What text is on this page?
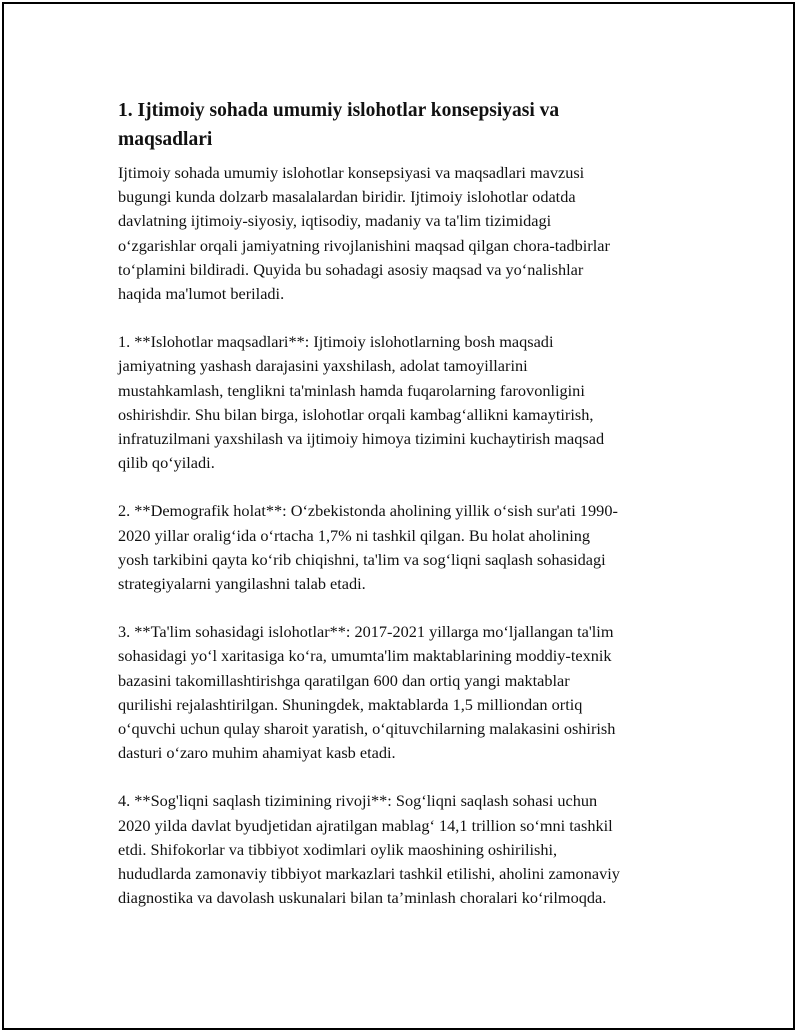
1. Ijtimoiy sohada umumiy islohotlar konsepsiyasi va
maqsadlari

Ijtimoiy sohada umumiy islohotlar konsepsiyasi va maqsadlari mavzusi
bugungi kunda dolzarb masalalardan biridir. Ijtimoiy islohotlar odatda
davlatning ijtimoiy-siyosiy, iqtisodiy, madaniy va ta'lim tizimidagi
o‘zgarishlar orqali jamiyatning rivojlanishini maqsad qilgan chora-tadbirlar
to‘plamini bildiradi. Quyida bu sohadagi asosiy maqsad va yo‘nalishlar
haqida ma'lumot beriladi.

1. **Islohotlar maqsadlari**: Ijtimoiy islohotlarning bosh maqsadi
jamiyatning yashash darajasini yaxshilash, adolat tamoyillarini
mustahkamlash, tenglikni ta'minlash hamda fuqarolarning farovonligini
oshirishdir. Shu bilan birga, islohotlar orqali kambag‘allikni kamaytirish,
infratuzilmani yaxshilash va ijtimoiy himoya tizimini kuchaytirish maqsad
qilib qo‘yiladi.

2. **Demografik holat**: O‘zbekistonda aholining yillik o‘sish sur'ati 1990-
2020 yillar oralig‘ida o‘rtacha 1,7% ni tashkil qilgan. Bu holat aholining
yosh tarkibini qayta ko‘rib chiqishni, ta'lim va sog‘liqni saqlash sohasidagi
strategiyalarni yangilashni talab etadi.

3. **Ta'lim sohasidagi islohotlar**: 2017-2021 yillarga mo‘ljallangan ta'lim
sohasidagi yo‘l xaritasiga ko‘ra, umumta'lim maktablarining moddiy-texnik
bazasini takomillashtirishga qaratilgan 600 dan ortiq yangi maktablar
qurilishi rejalashtirilgan. Shuningdek, maktablarda 1,5 milliondan ortiq
o‘quvchi uchun qulay sharoit yaratish, o‘qituvchilarning malakasini oshirish
dasturi o‘zaro muhim ahamiyat kasb etadi.

4. **Sog'liqni saqlash tizimining rivoji**: Sog‘liqni saqlash sohasi uchun
2020 yilda davlat byudjetidan ajratilgan mablag‘ 14,1 trillion so‘mni tashkil
etdi. Shifokorlar va tibbiyot xodimlari oylik maoshining oshirilishi,
hududlarda zamonaviy tibbiyot markazlari tashkil etilishi, aholini zamonaviy
diagnostika va davolash uskunalari bilan ta’minlash choralari ko‘rilmoqda.
